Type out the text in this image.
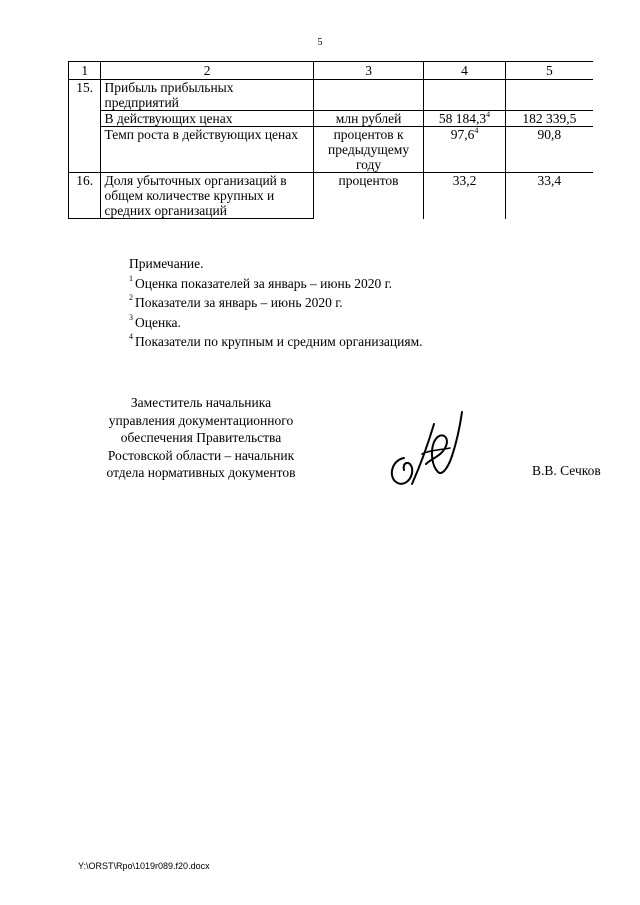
5
1	2	3	4	5
15.	Прибыль прибыльных предприятий			
	В действующих ценах	млн рублей	58 184,3$^4$	182 339,5
	Темп роста в действующих ценах	процентов к предыдущему году	97,6$^4$	90,8
16.	Доля убыточных организаций в общем количестве крупных и средних организаций	процентов	33,2	33,4
Примечание.
$^1$ Оценка показателей за январь – июнь 2020 г.
$^2$ Показатели за январь – июнь 2020 г.
$^3$ Оценка.
$^4$ Показатели по крупным и средним организациям.
Заместитель начальника
управления документационного
обеспечения Правительства
Ростовской области – начальник
отдела нормативных документов	В.В. Сечков
Y:\ORST\Rpo\1019r089.f20.docx
